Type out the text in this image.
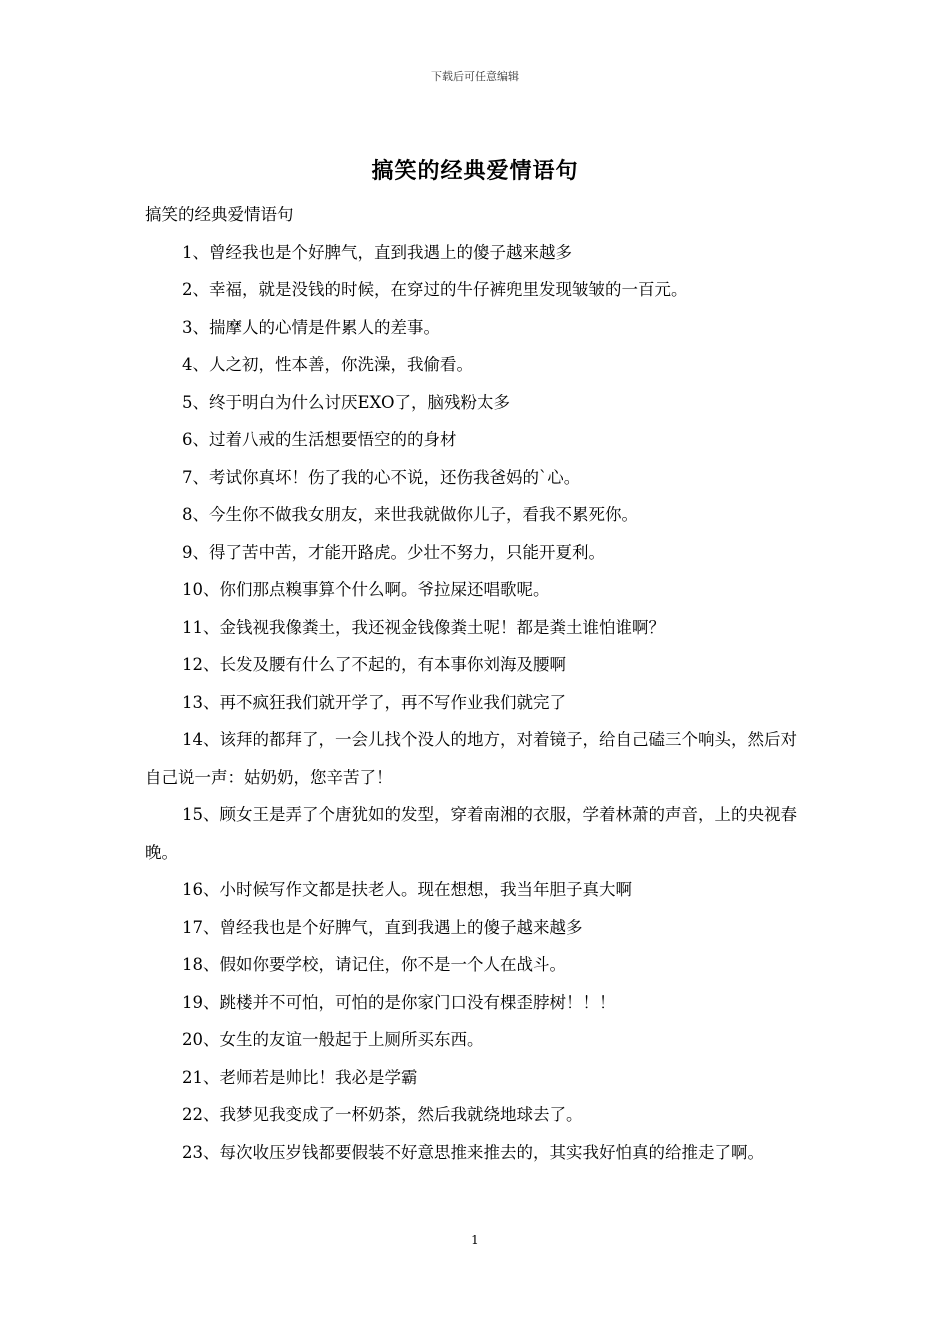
下载后可任意编辑
搞笑的经典爱情语句

搞笑的经典爱情语句

1、曾经我也是个好脾气，直到我遇上的傻子越来越多

2、幸福，就是没钱的时候，在穿过的牛仔裤兜里发现皱皱的一百元。

3、揣摩人的心情是件累人的差事。

4、人之初，性本善，你洗澡，我偷看。

5、终于明白为什么讨厌EXO了，脑残粉太多

6、过着八戒的生活想要悟空的的身材

7、考试你真坏！伤了我的心不说，还伤我爸妈的`心。

8、今生你不做我女朋友，来世我就做你儿子，看我不累死你。

9、得了苦中苦，才能开路虎。少壮不努力，只能开夏利。

10、你们那点糗事算个什么啊。爷拉屎还唱歌呢。

11、金钱视我像粪土，我还视金钱像粪土呢！都是粪土谁怕谁啊？

12、长发及腰有什么了不起的，有本事你刘海及腰啊

13、再不疯狂我们就开学了，再不写作业我们就完了

14、该拜的都拜了，一会儿找个没人的地方，对着镜子，给自己磕三个响头，然后对自己说一声：姑奶奶，您辛苦了！

15、顾女王是弄了个唐犹如的发型，穿着南湘的衣服，学着林萧的声音，上的央视春晚。

16、小时候写作文都是扶老人。现在想想，我当年胆子真大啊

17、曾经我也是个好脾气，直到我遇上的傻子越来越多

18、假如你要学校，请记住，你不是一个人在战斗。

19、跳楼并不可怕，可怕的是你家门口没有棵歪脖树！！！

20、女生的友谊一般起于上厕所买东西。

21、老师若是帅比！我必是学霸

22、我梦见我变成了一杯奶茶，然后我就绕地球去了。

23、每次收压岁钱都要假装不好意思推来推去的，其实我好怕真的给推走了啊。

1
